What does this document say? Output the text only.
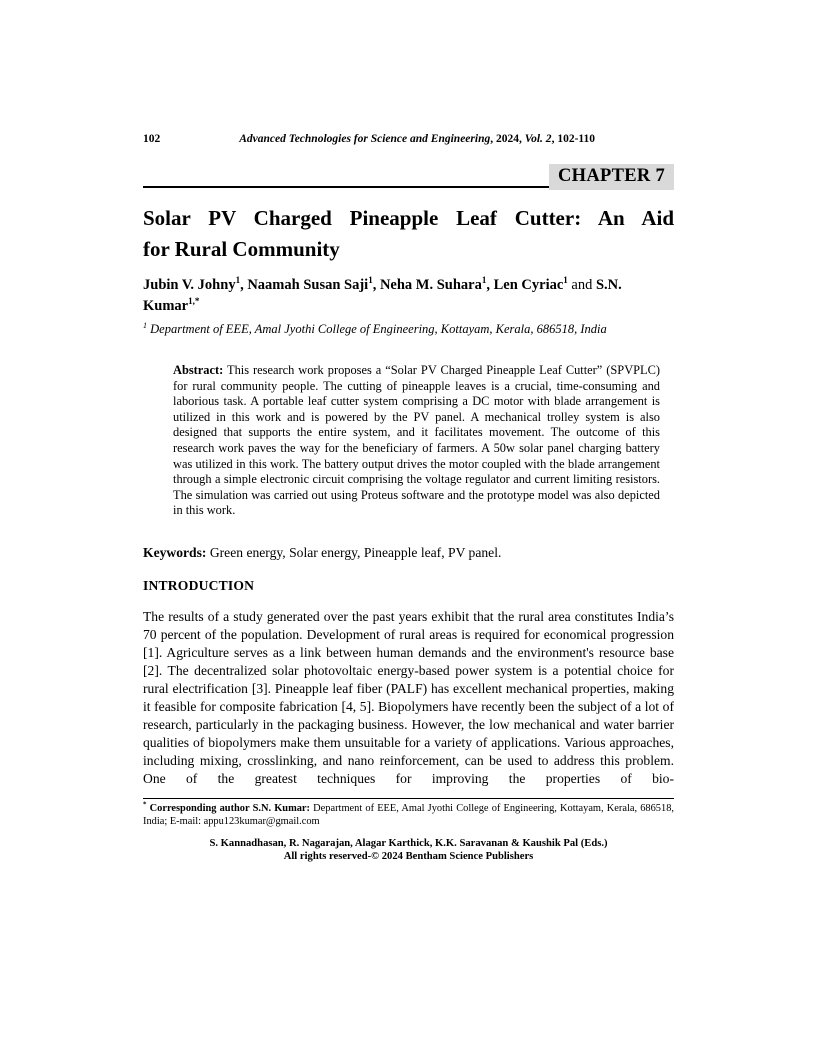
102	Advanced Technologies for Science and Engineering, 2024, Vol. 2, 102-110
CHAPTER 7
Solar PV Charged Pineapple Leaf Cutter: An Aid
for Rural Community
Jubin V. Johny$^1$, Naamah Susan Saji$^1$, Neha M. Suhara$^1$, Len Cyriac$^1$ and S.N. Kumar$^{1,*}$
$^1$ Department of EEE, Amal Jyothi College of Engineering, Kottayam, Kerala, 686518, India
Abstract: This research work proposes a “Solar PV Charged Pineapple Leaf Cutter” (SPVPLC) for rural community people. The cutting of pineapple leaves is a crucial, time-consuming and laborious task. A portable leaf cutter system comprising a DC motor with blade arrangement is utilized in this work and is powered by the PV panel. A mechanical trolley system is also designed that supports the entire system, and it facilitates movement. The outcome of this research work paves the way for the beneficiary of farmers. A 50w solar panel charging battery was utilized in this work. The battery output drives the motor coupled with the blade arrangement through a simple electronic circuit comprising the voltage regulator and current limiting resistors. The simulation was carried out using Proteus software and the prototype model was also depicted in this work.
Keywords: Green energy, Solar energy, Pineapple leaf, PV panel.
INTRODUCTION
The results of a study generated over the past years exhibit that the rural area constitutes India’s 70 percent of the population. Development of rural areas is required for economical progression [1]. Agriculture serves as a link between human demands and the environment's resource base [2]. The decentralized solar photovoltaic energy-based power system is a potential choice for rural electrification [3]. Pineapple leaf fiber (PALF) has excellent mechanical properties, making it feasible for composite fabrication [4, 5]. Biopolymers have recently been the subject of a lot of research, particularly in the packaging business. However, the low mechanical and water barrier qualities of biopolymers make them unsuitable for a variety of applications. Various approaches, including mixing, crosslinking, and nano reinforcement, can be used to address this problem. One of the greatest techniques for improving the properties of bio-
* Corresponding author S.N. Kumar: Department of EEE, Amal Jyothi College of Engineering, Kottayam, Kerala, 686518, India; E-mail: appu123kumar@gmail.com
S. Kannadhasan, R. Nagarajan, Alagar Karthick, K.K. Saravanan & Kaushik Pal (Eds.)
All rights reserved-© 2024 Bentham Science Publishers
